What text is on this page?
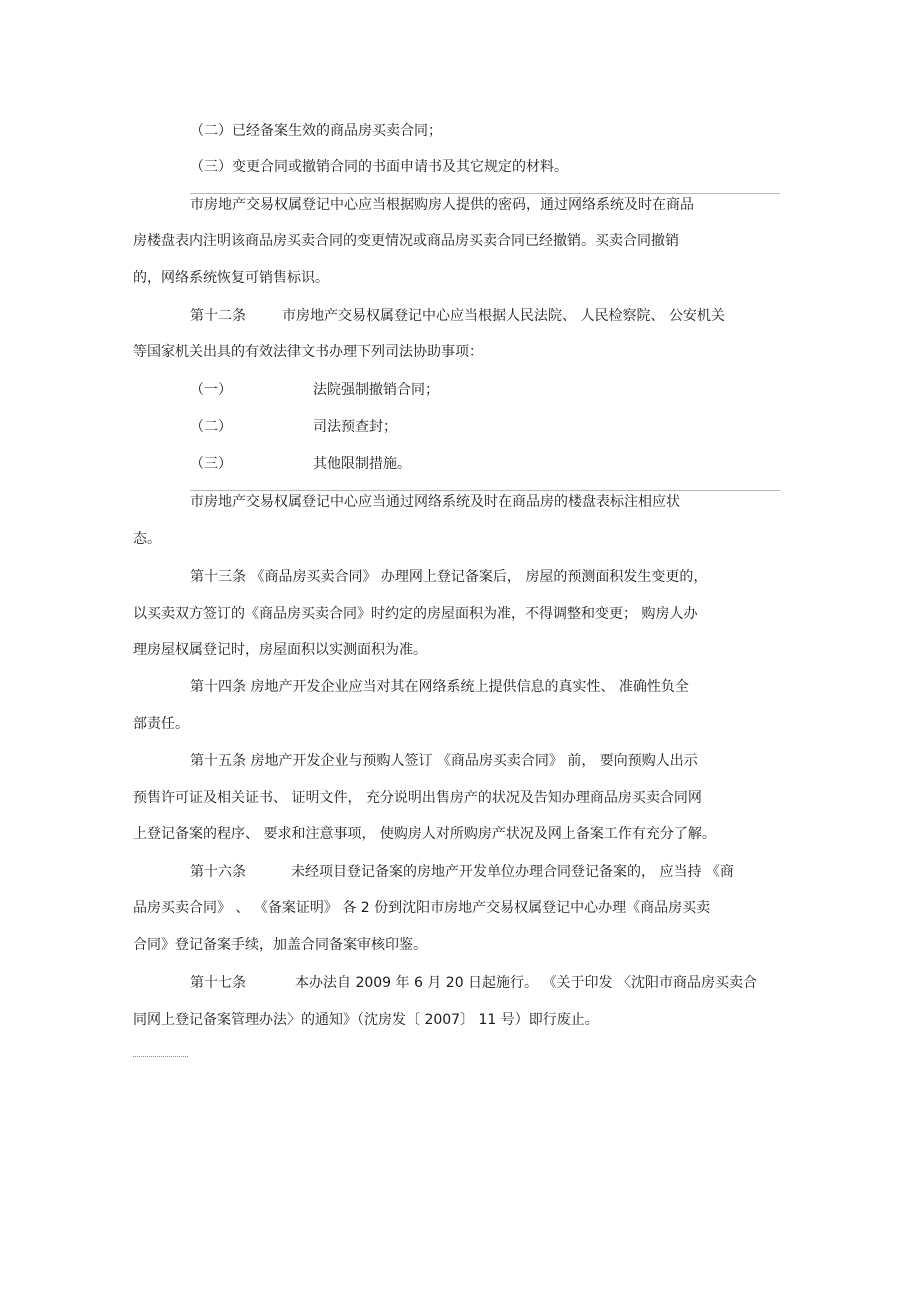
（二）已经备案生效的商品房买卖合同；
（三）变更合同或撤销合同的书面申请书及其它规定的材料。
市房地产交易权属登记中心应当根据购房人提供的密码，通过网络系统及时在商品
房楼盘表内注明该商品房买卖合同的变更情况或商品房买卖合同已经撤销。买卖合同撤销
的，网络系统恢复可销售标识。
第十二条	市房地产交易权属登记中心应当根据人民法院、 人民检察院、 公安机关
等国家机关出具的有效法律文书办理下列司法协助事项：
（一）	法院强制撤销合同；
（二）	司法预查封；
（三）	其他限制措施。
市房地产交易权属登记中心应当通过网络系统及时在商品房的楼盘表标注相应状
态。
第十三条 《商品房买卖合同》 办理网上登记备案后， 房屋的预测面积发生变更的，
以买卖双方签订的《商品房买卖合同》时约定的房屋面积为准，不得调整和变更； 购房人办
理房屋权属登记时，房屋面积以实测面积为准。
第十四条 房地产开发企业应当对其在网络系统上提供信息的真实性、 准确性负全
部责任。
第十五条 房地产开发企业与预购人签订 《商品房买卖合同》 前， 要向预购人出示
预售许可证及相关证书、 证明文件， 充分说明出售房产的状况及告知办理商品房买卖合同网
上登记备案的程序、 要求和注意事项， 使购房人对所购房产状况及网上备案工作有充分了解。
第十六条	未经项目登记备案的房地产开发单位办理合同登记备案的， 应当持 《商
品房买卖合同》 、 《备案证明》 各 2 份到沈阳市房地产交易权属登记中心办理《商品房买卖
合同》登记备案手续，加盖合同备案审核印鉴。
第十七条	本办法自 2009 年 6 月 20 日起施行。 《关于印发 〈沈阳市商品房买卖合
同网上登记备案管理办法〉的通知》（沈房发〔 2007〕 11 号）即行废止。
